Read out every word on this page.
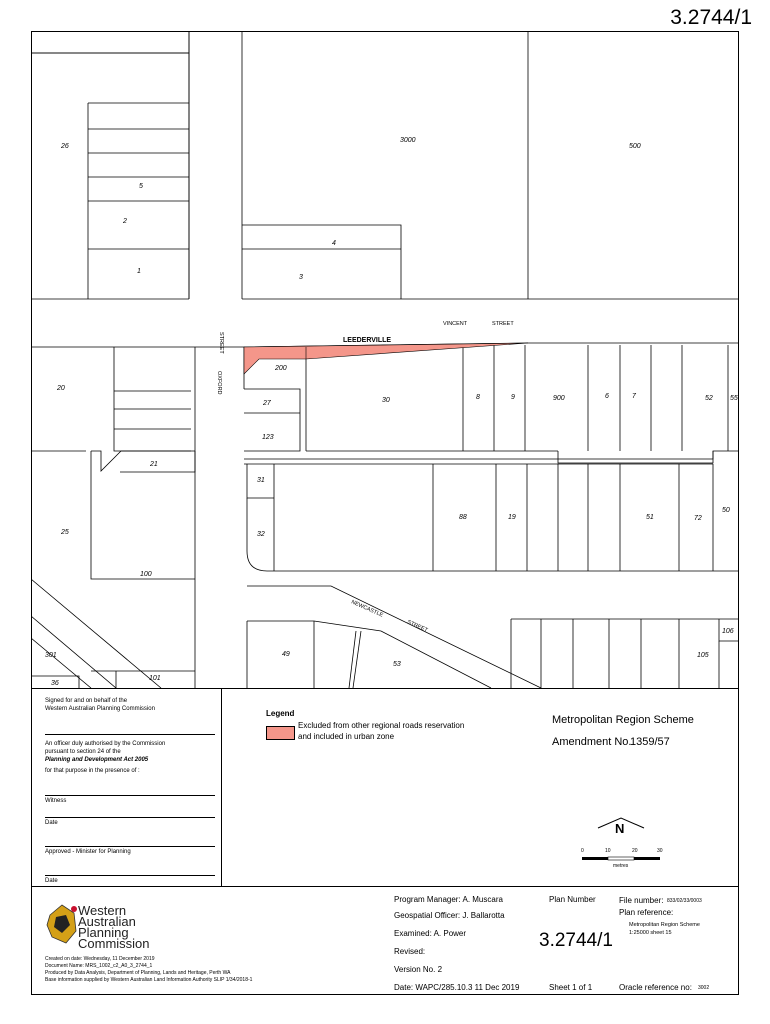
3.2744/1
26
5
2
1
3000
4
3
500
20
200
30	8	9	900	6	7	52 55
27
123
21
31
88	19	51	72
50
25	32
100
49
53
301
101
36
106
105
VINCENT	STREET
LEEDERVILLE
STREET
OXFORD
NEWCASTLE
STREET
Signed for and on behalf of the
Western Australian Planning Commission
An officer duly authorised by the Commission
pursuant to section 24 of the
Planning and Development Act 2005
for that purpose in the presence of :
Witness
Date
Approved - Minister for Planning
Date
Legend
Excluded from other regional roads reservation
and included in urban zone
Metropolitan Region Scheme
Amendment No.
1359/57
N
0	10	20	30
metres
Western
Australian
Planning
Commission
Created on date: Wednesday, 11 December 2019
Document Name: MRS_1002_c2_A0_3_2744_1
Produced by Data Analysis, Department of Planning, Lands and Heritage, Perth WA
Base information supplied by Western Australian Land Information Authority SLIP 1/34/2018-1
Program Manager: A. Muscara
Geospatial Officer: J. Ballarotta
Examined: A. Power
Revised:
Version No. 2
Date: WAPC/285.10.3 11 Dec 2019
Plan Number
3.2744/1
Sheet 1 of 1
File number: 833/02/33/0003
Plan reference:
Metropolitan Region Scheme
1:25000 sheet 15
Oracle reference no: 3002
